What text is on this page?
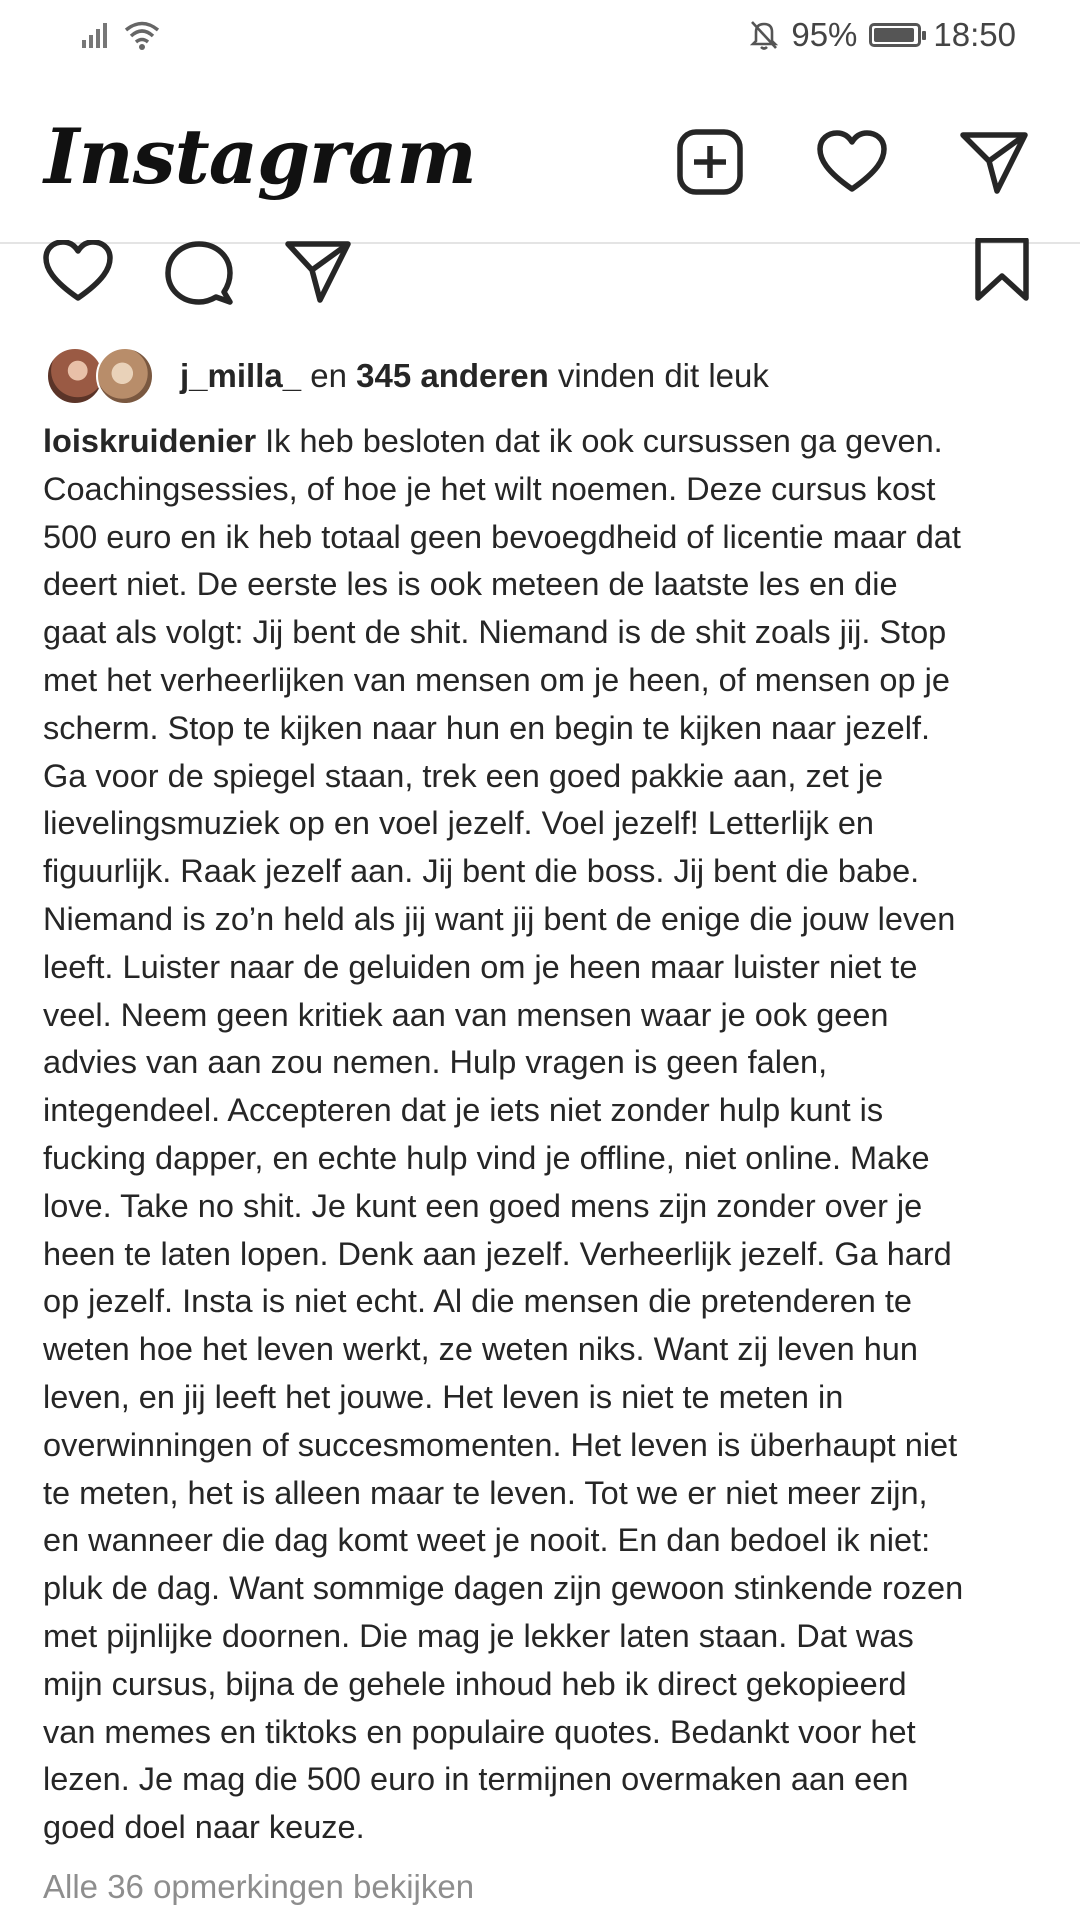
95% 18:50
Instagram
j_milla_ en 345 anderen vinden dit leuk
loiskruidenier Ik heb besloten dat ik ook cursussen ga geven.
Coachingsessies, of hoe je het wilt noemen. Deze cursus kost
500 euro en ik heb totaal geen bevoegdheid of licentie maar dat
deert niet. De eerste les is ook meteen de laatste les en die
gaat als volgt: Jij bent de shit. Niemand is de shit zoals jij. Stop
met het verheerlijken van mensen om je heen, of mensen op je
scherm. Stop te kijken naar hun en begin te kijken naar jezelf.
Ga voor de spiegel staan, trek een goed pakkie aan, zet je
lievelingsmuziek op en voel jezelf. Voel jezelf! Letterlijk en
figuurlijk. Raak jezelf aan. Jij bent die boss. Jij bent die babe.
Niemand is zo’n held als jij want jij bent de enige die jouw leven
leeft. Luister naar de geluiden om je heen maar luister niet te
veel. Neem geen kritiek aan van mensen waar je ook geen
advies van aan zou nemen. Hulp vragen is geen falen,
integendeel. Accepteren dat je iets niet zonder hulp kunt is
fucking dapper, en echte hulp vind je offline, niet online. Make
love. Take no shit. Je kunt een goed mens zijn zonder over je
heen te laten lopen. Denk aan jezelf. Verheerlijk jezelf. Ga hard
op jezelf. Insta is niet echt. Al die mensen die pretenderen te
weten hoe het leven werkt, ze weten niks. Want zij leven hun
leven, en jij leeft het jouwe. Het leven is niet te meten in
overwinningen of succesmomenten. Het leven is überhaupt niet
te meten, het is alleen maar te leven. Tot we er niet meer zijn,
en wanneer die dag komt weet je nooit. En dan bedoel ik niet:
pluk de dag. Want sommige dagen zijn gewoon stinkende rozen
met pijnlijke doornen. Die mag je lekker laten staan. Dat was
mijn cursus, bijna de gehele inhoud heb ik direct gekopieerd
van memes en tiktoks en populaire quotes. Bedankt voor het
lezen. Je mag die 500 euro in termijnen overmaken aan een
goed doel naar keuze.
Alle 36 opmerkingen bekijken
